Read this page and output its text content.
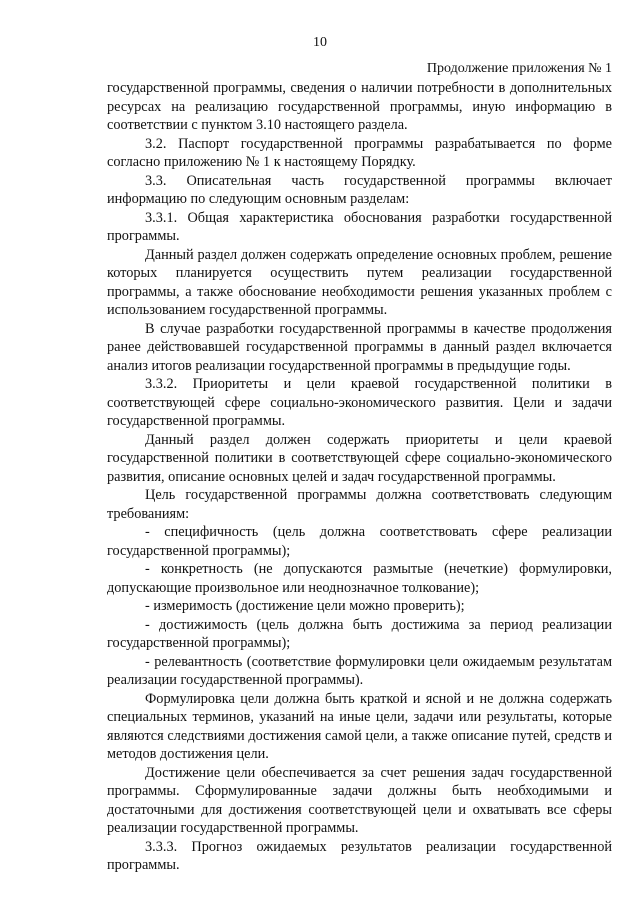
10
Продолжение приложения № 1

государственной программы, сведения о наличии потребности в дополнительных ресурсах на реализацию государственной программы, иную информацию в соответствии с пунктом 3.10 настоящего раздела.

3.2. Паспорт государственной программы разрабатывается по форме согласно приложению № 1 к настоящему Порядку.

3.3. Описательная часть государственной программы включает информацию по следующим основным разделам:

3.3.1. Общая характеристика обоснования разработки государственной программы.

Данный раздел должен содержать определение основных проблем, решение которых планируется осуществить путем реализации государственной программы, а также обоснование необходимости решения указанных проблем с использованием государственной программы.

В случае разработки государственной программы в качестве продолжения ранее действовавшей государственной программы в данный раздел включается анализ итогов реализации государственной программы в предыдущие годы.

3.3.2. Приоритеты и цели краевой государственной политики в соответствующей сфере социально-экономического развития. Цели и задачи государственной программы.

Данный раздел должен содержать приоритеты и цели краевой государственной политики в соответствующей сфере социально-экономического развития, описание основных целей и задач государственной программы.

Цель государственной программы должна соответствовать следующим требованиям:

- специфичность (цель должна соответствовать сфере реализации государственной программы);

- конкретность (не допускаются размытые (нечеткие) формулировки, допускающие произвольное или неоднозначное толкование);

- измеримость (достижение цели можно проверить);

- достижимость (цель должна быть достижима за период реализации государственной программы);

- релевантность (соответствие формулировки цели ожидаемым результатам реализации государственной программы).

Формулировка цели должна быть краткой и ясной и не должна содержать специальных терминов, указаний на иные цели, задачи или результаты, которые являются следствиями достижения самой цели, а также описание путей, средств и методов достижения цели.

Достижение цели обеспечивается за счет решения задач государственной программы. Сформулированные задачи должны быть необходимыми и достаточными для достижения соответствующей цели и охватывать все сферы реализации государственной программы.

3.3.3. Прогноз ожидаемых результатов реализации государственной программы.
